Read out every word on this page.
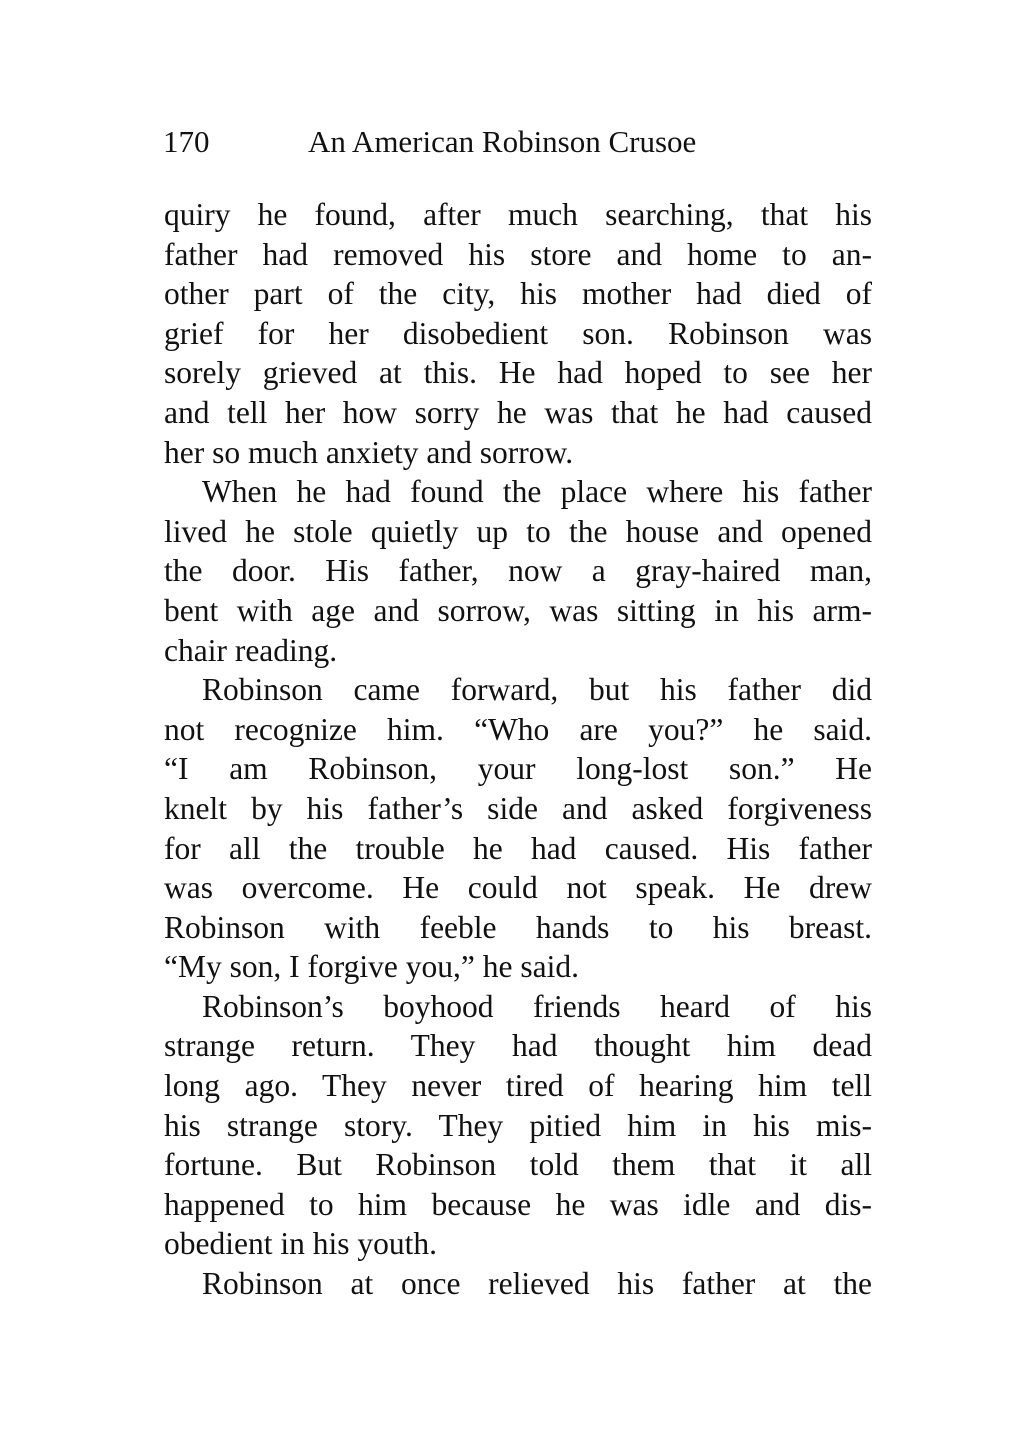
170	An American Robinson Crusoe
quiry he found, after much searching, that his
father had removed his store and home to an-
other part of the city, his mother had died of
grief for her disobedient son. Robinson was
sorely grieved at this. He had hoped to see her
and tell her how sorry he was that he had caused
her so much anxiety and sorrow.
When he had found the place where his father
lived he stole quietly up to the house and opened
the door. His father, now a gray-haired man,
bent with age and sorrow, was sitting in his arm-
chair reading.
Robinson came forward, but his father did
not recognize him. “Who are you?” he said.
“I am Robinson, your long-lost son.” He
knelt by his father’s side and asked forgiveness
for all the trouble he had caused. His father
was overcome. He could not speak. He drew
Robinson with feeble hands to his breast.
“My son, I forgive you,” he said.
Robinson’s boyhood friends heard of his
strange return. They had thought him dead
long ago. They never tired of hearing him tell
his strange story. They pitied him in his mis-
fortune. But Robinson told them that it all
happened to him because he was idle and dis-
obedient in his youth.
Robinson at once relieved his father at the
